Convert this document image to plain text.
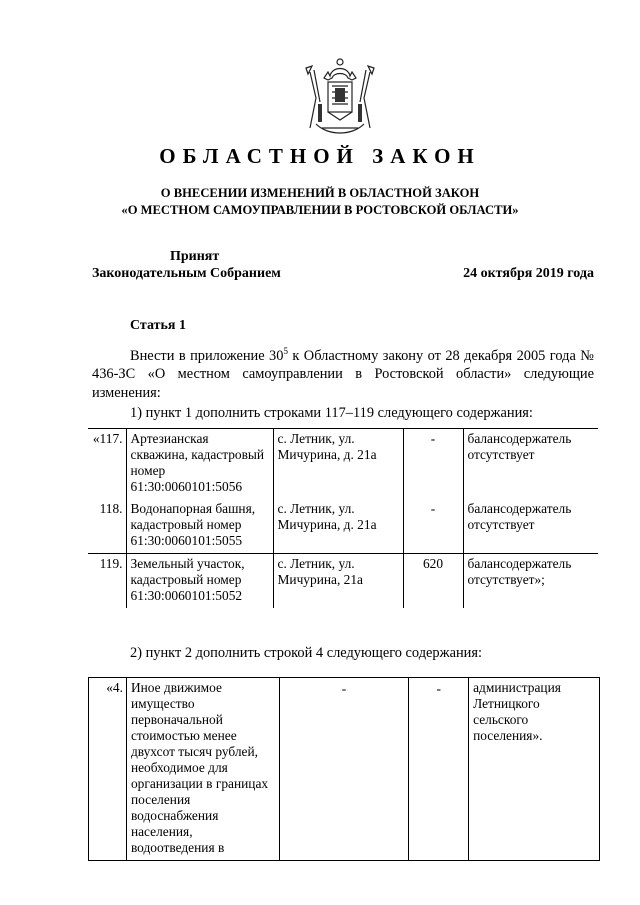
ОБЛАСТНОЙ ЗАКОН
О ВНЕСЕНИИ ИЗМЕНЕНИЙ В ОБЛАСТНОЙ ЗАКОН
«О МЕСТНОМ САМОУПРАВЛЕНИИ В РОСТОВСКОЙ ОБЛАСТИ»
Принят
Законодательным Собранием	24 октября 2019 года
Статья 1
Внести в приложение $30^5$ к Областному закону от 28 декабря 2005 года № 436-ЗС «О местном самоуправлении в Ростовской области» следующие изменения:
1) пункт 1 дополнить строками 117–119 следующего содержания:
«117.	Артезианская скважина, кадастровый номер 61:30:0060101:5056	с. Летник, ул. Мичурина, д. 21а	-	балансодержатель отсутствует
118.	Водонапорная башня, кадастровый номер 61:30:0060101:5055	с. Летник, ул. Мичурина, д. 21а	-	балансодержатель отсутствует
119.	Земельный участок, кадастровый номер 61:30:0060101:5052	с. Летник, ул. Мичурина, 21а	620	балансодержатель отсутствует»;
2) пункт 2 дополнить строкой 4 следующего содержания:
«4.	Иное движимое имущество первоначальной стоимостью менее двухсот тысяч рублей, необходимое для организации в границах поселения водоснабжения населения, водоотведения в	-	-	администрация Летницкого сельского поселения».
